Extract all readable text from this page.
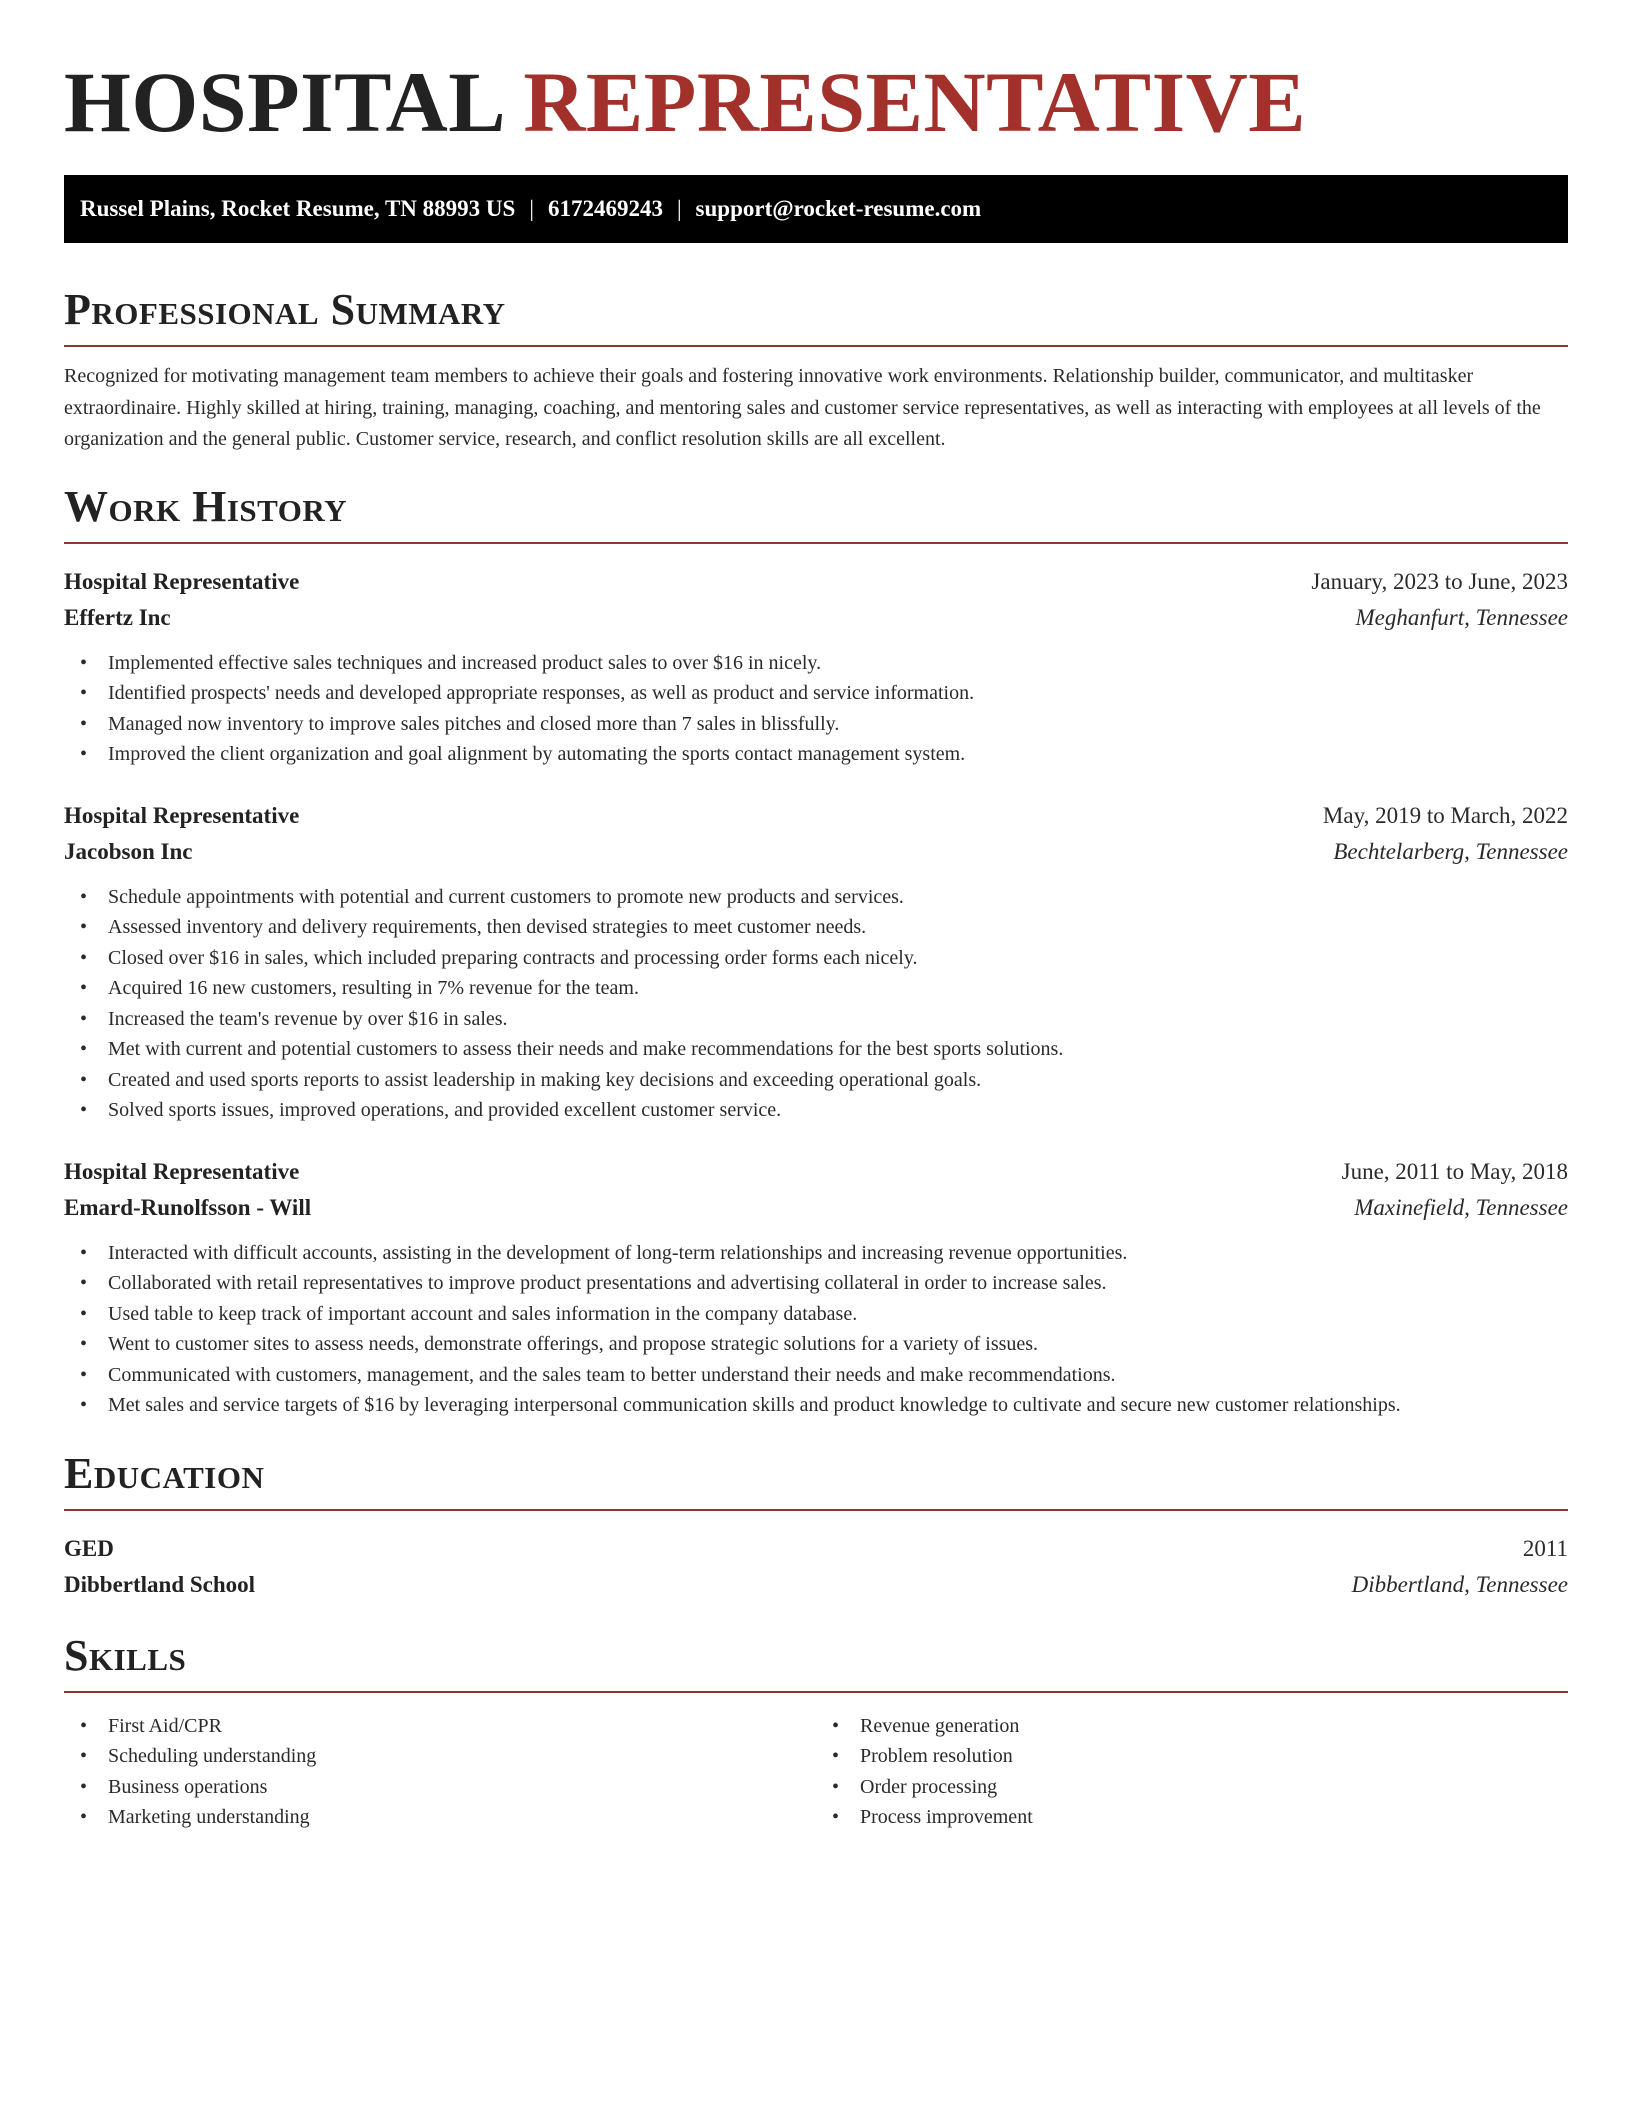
HOSPITAL REPRESENTATIVE
Russel Plains, Rocket Resume, TN 88993 US | 6172469243 | support@rocket-resume.com
Professional Summary

Recognized for motivating management team members to achieve their goals and fostering innovative work environments. Relationship builder, communicator, and multitasker extraordinaire. Highly skilled at hiring, training, managing, coaching, and mentoring sales and customer service representatives, as well as interacting with employees at all levels of the organization and the general public. Customer service, research, and conflict resolution skills are all excellent.

Work History
Hospital Representative	January, 2023 to June, 2023
Effertz Inc	Meghanfurt, Tennessee
• Implemented effective sales techniques and increased product sales to over $16 in nicely.
• Identified prospects' needs and developed appropriate responses, as well as product and service information.
• Managed now inventory to improve sales pitches and closed more than 7 sales in blissfully.
• Improved the client organization and goal alignment by automating the sports contact management system.
Hospital Representative	May, 2019 to March, 2022
Jacobson Inc	Bechtelarberg, Tennessee
• Schedule appointments with potential and current customers to promote new products and services.
• Assessed inventory and delivery requirements, then devised strategies to meet customer needs.
• Closed over $16 in sales, which included preparing contracts and processing order forms each nicely.
• Acquired 16 new customers, resulting in 7% revenue for the team.
• Increased the team's revenue by over $16 in sales.
• Met with current and potential customers to assess their needs and make recommendations for the best sports solutions.
• Created and used sports reports to assist leadership in making key decisions and exceeding operational goals.
• Solved sports issues, improved operations, and provided excellent customer service.
Hospital Representative	June, 2011 to May, 2018
Emard-Runolfsson - Will	Maxinefield, Tennessee
• Interacted with difficult accounts, assisting in the development of long-term relationships and increasing revenue opportunities.
• Collaborated with retail representatives to improve product presentations and advertising collateral in order to increase sales.
• Used table to keep track of important account and sales information in the company database.
• Went to customer sites to assess needs, demonstrate offerings, and propose strategic solutions for a variety of issues.
• Communicated with customers, management, and the sales team to better understand their needs and make recommendations.
• Met sales and service targets of $16 by leveraging interpersonal communication skills and product knowledge to cultivate and secure new customer relationships.
Education
GED	2011
Dibbertland School	Dibbertland, Tennessee
Skills
• First Aid/CPR
• Scheduling understanding
• Business operations
• Marketing understanding
• Revenue generation
• Problem resolution
• Order processing
• Process improvement
